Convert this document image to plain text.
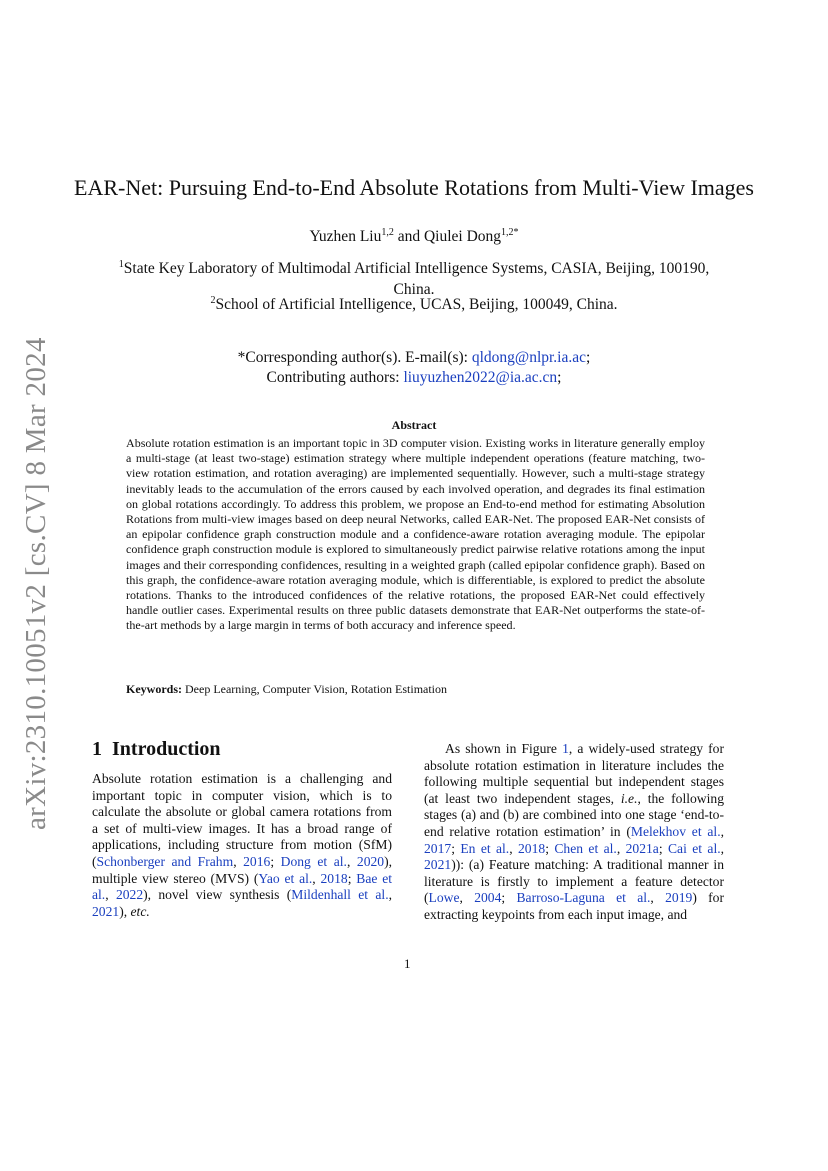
arXiv:2310.10051v2 [cs.CV] 8 Mar 2024
EAR-Net: Pursuing End-to-End Absolute Rotations from Multi-View Images
Yuzhen Liu$^{1,2}$ and Qiulei Dong$^{1,2*}$
$^1$State Key Laboratory of Multimodal Artificial Intelligence Systems, CASIA, Beijing, 100190, China.
$^2$School of Artificial Intelligence, UCAS, Beijing, 100049, China.
*Corresponding author(s). E-mail(s): qldong@nlpr.ia.ac;
Contributing authors: liuyuzhen2022@ia.ac.cn;
Abstract
Absolute rotation estimation is an important topic in 3D computer vision. Existing works in literature generally employ a multi-stage (at least two-stage) estimation strategy where multiple independent operations (feature matching, two-view rotation estimation, and rotation averaging) are implemented sequentially. However, such a multi-stage strategy inevitably leads to the accumulation of the errors caused by each involved operation, and degrades its final estimation on global rotations accordingly. To address this problem, we propose an End-to-end method for estimating Absolution Rotations from multi-view images based on deep neural Networks, called EAR-Net. The proposed EAR-Net consists of an epipolar confidence graph construction module and a confidence-aware rotation averaging module. The epipolar confidence graph construction module is explored to simultaneously predict pairwise relative rotations among the input images and their corresponding confidences, resulting in a weighted graph (called epipolar confidence graph). Based on this graph, the confidence-aware rotation averaging module, which is differentiable, is explored to predict the absolute rotations. Thanks to the introduced confidences of the relative rotations, the proposed EAR-Net could effectively handle outlier cases. Experimental results on three public datasets demonstrate that EAR-Net outperforms the state-of-the-art methods by a large margin in terms of both accuracy and inference speed.
Keywords: Deep Learning, Computer Vision, Rotation Estimation
1 Introduction

Absolute rotation estimation is a challenging and important topic in computer vision, which is to calculate the absolute or global camera rotations from a set of multi-view images. It has a broad range of applications, including structure from motion (SfM) (Schonberger and Frahm, 2016; Dong et al., 2020), multiple view stereo (MVS) (Yao et al., 2018; Bae et al., 2022), novel view synthesis (Mildenhall et al., 2021), etc.

As shown in Figure 1, a widely-used strategy for absolute rotation estimation in literature includes the following multiple sequential but independent stages (at least two independent stages, i.e., the following stages (a) and (b) are combined into one stage ‘end-to-end relative rotation estimation’ in (Melekhov et al., 2017; En et al., 2018; Chen et al., 2021a; Cai et al., 2021)): (a) Feature matching: A traditional manner in literature is firstly to implement a feature detector (Lowe, 2004; Barroso-Laguna et al., 2019) for extracting keypoints from each input image, and

1
